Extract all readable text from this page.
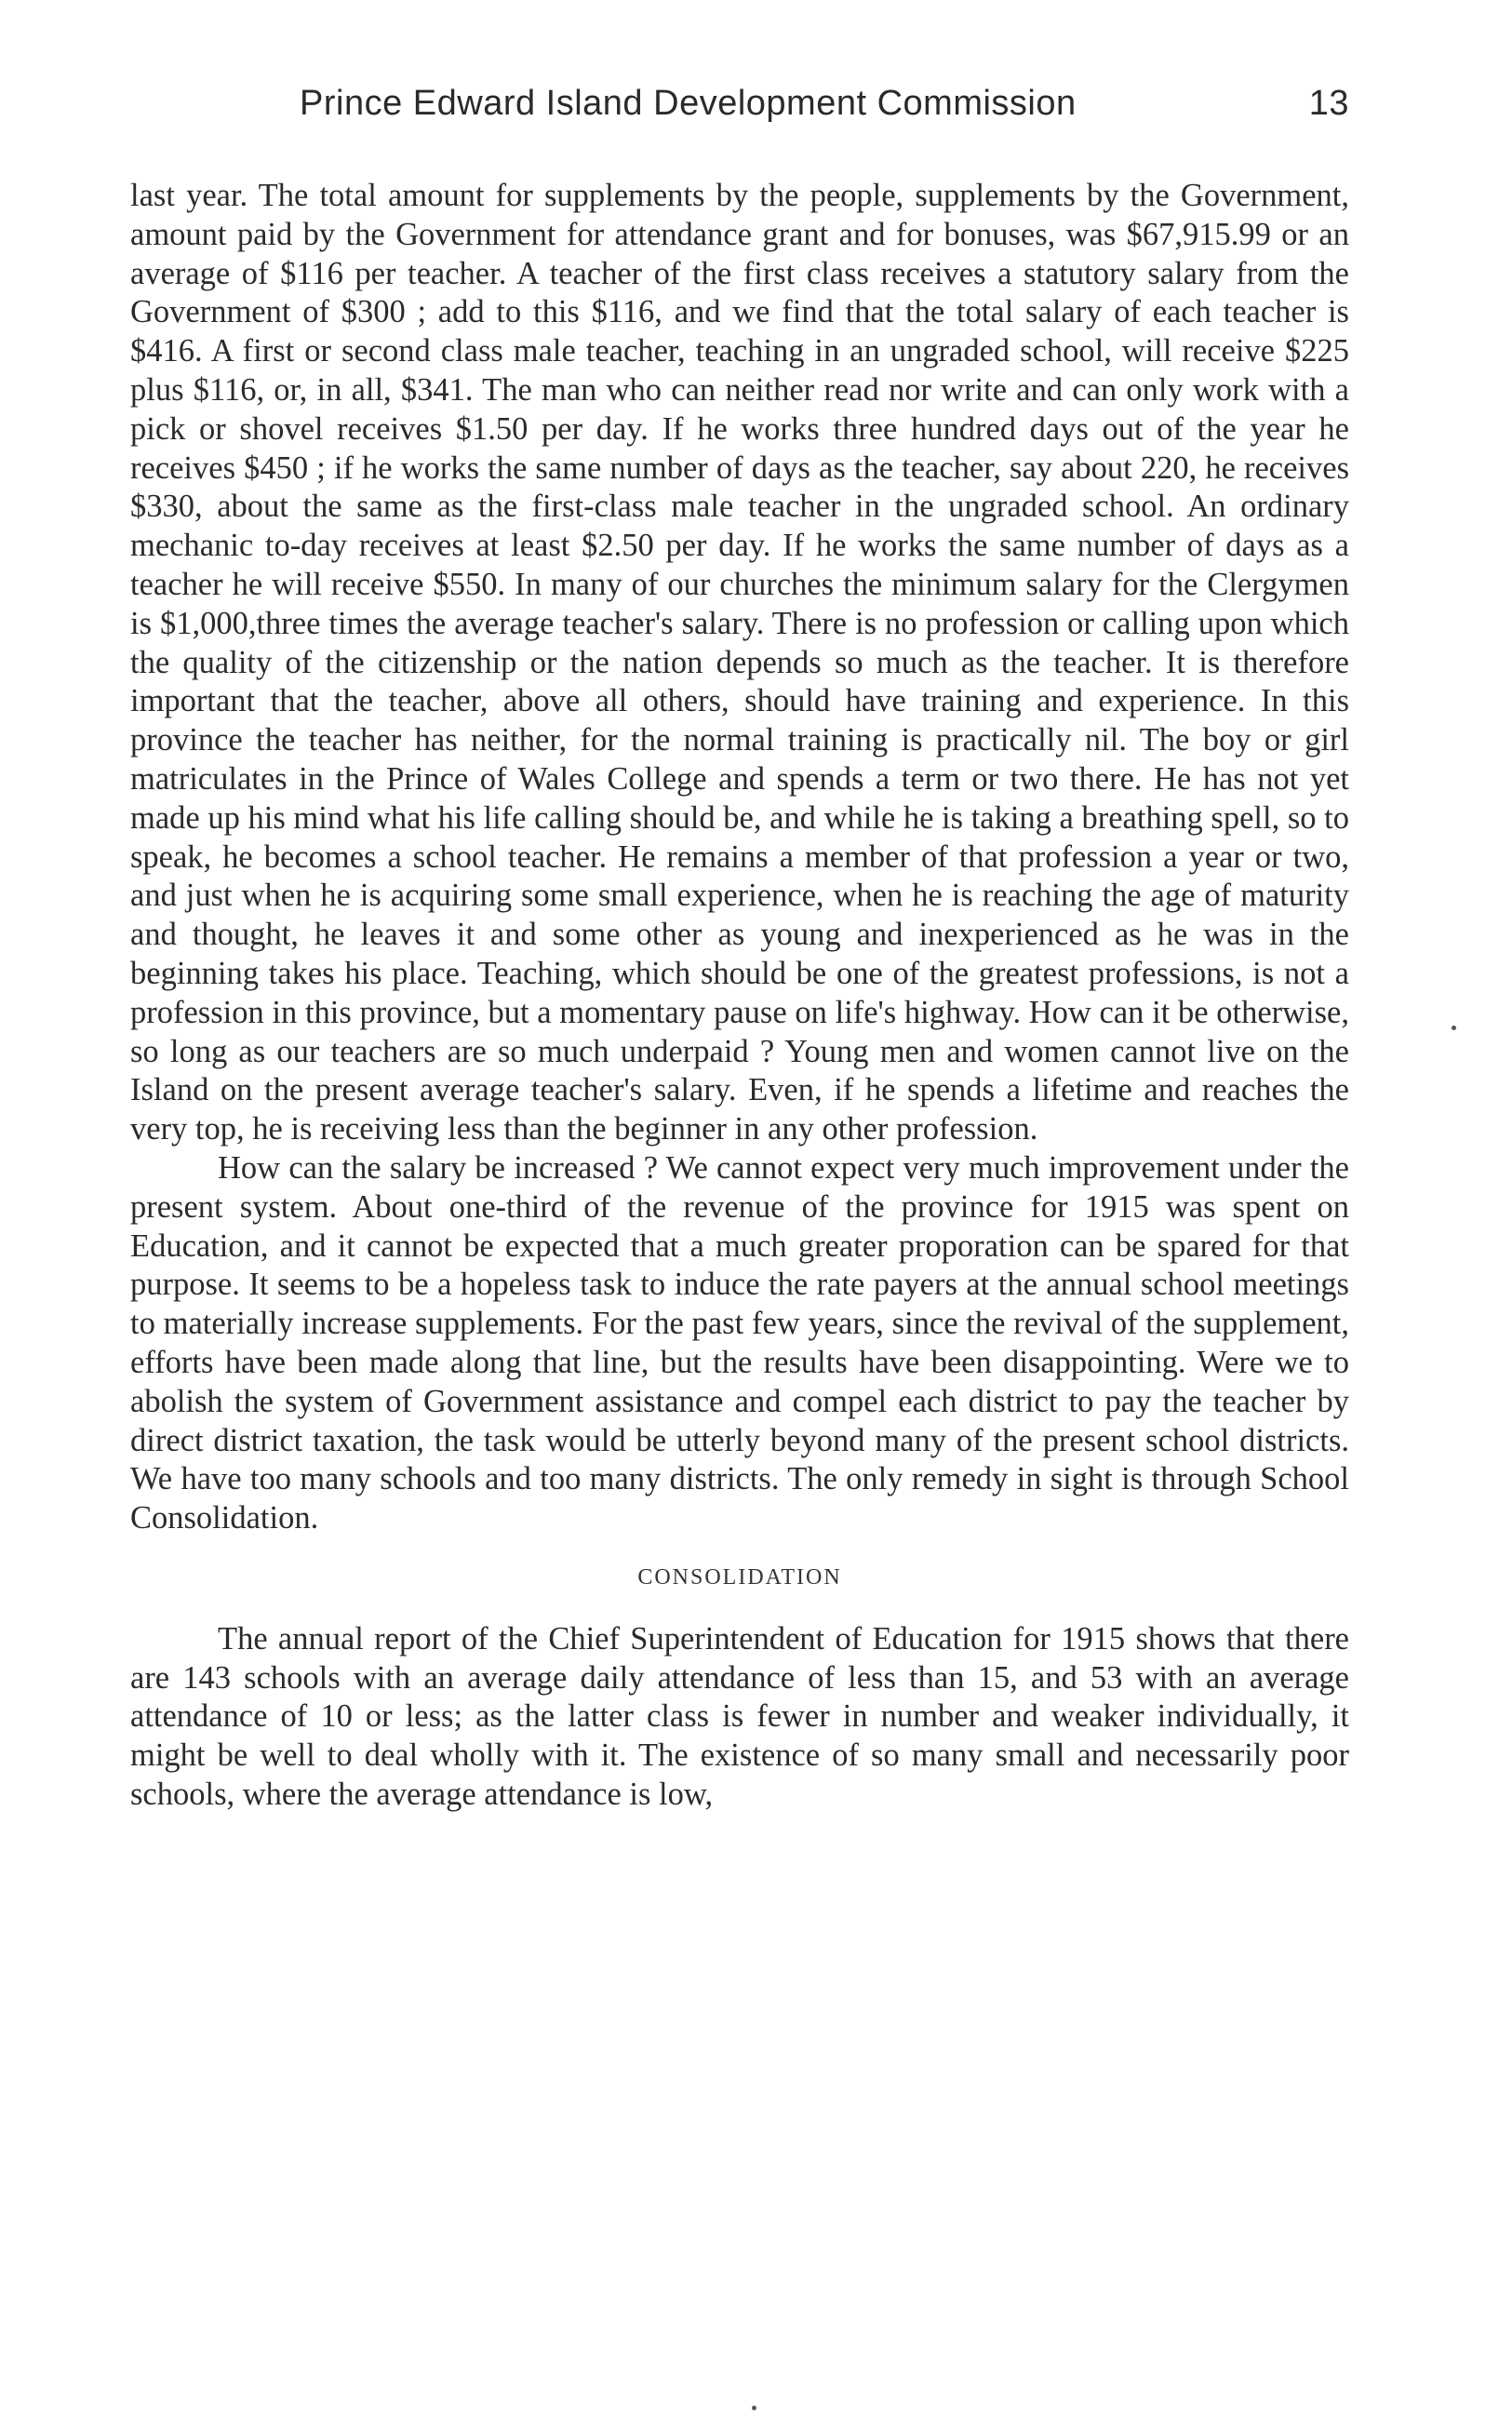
Prince Edward Island Development Commission	13

last year. The total amount for supplements by the people, supplements by the Government, amount paid by the Government for attendance grant and for bonuses, was $67,915.99 or an average of $116 per teacher. A teacher of the first class receives a statutory salary from the Government of $300 ; add to this $116, and we find that the total salary of each teacher is $416. A first or second class male teacher, teaching in an ungraded school, will receive $225 plus $116, or, in all, $341. The man who can neither read nor write and can only work with a pick or shovel receives $1.50 per day. If he works three hundred days out of the year he receives $450 ; if he works the same number of days as the teacher, say about 220, he receives $330, about the same as the first-class male teacher in the ungraded school. An ordinary mechanic to-day receives at least $2.50 per day. If he works the same number of days as a teacher he will receive $550. In many of our churches the minimum salary for the Clergymen is $1,000,three times the average teacher's salary. There is no profession or calling upon which the quality of the citizenship or the nation depends so much as the teacher. It is therefore important that the teacher, above all others, should have training and experience. In this province the teacher has neither, for the normal training is practically nil. The boy or girl matriculates in the Prince of Wales College and spends a term or two there. He has not yet made up his mind what his life calling should be, and while he is taking a breathing spell, so to speak, he becomes a school teacher. He remains a member of that profession a year or two, and just when he is acquiring some small experience, when he is reaching the age of maturity and thought, he leaves it and some other as young and inexperienced as he was in the beginning takes his place. Teaching, which should be one of the greatest professions, is not a profession in this province, but a momentary pause on life's highway. How can it be otherwise, so long as our teachers are so much underpaid ? Young men and women cannot live on the Island on the present average teacher's salary. Even, if he spends a lifetime and reaches the very top, he is receiving less than the beginner in any other profession.

How can the salary be increased ? We cannot expect very much improvement under the present system. About one-third of the revenue of the province for 1915 was spent on Education, and it cannot be expected that a much greater proporation can be spared for that purpose. It seems to be a hopeless task to induce the rate payers at the annual school meetings to materially increase supplements. For the past few years, since the revival of the supplement, efforts have been made along that line, but the results have been disappointing. Were we to abolish the system of Government assistance and compel each district to pay the teacher by direct district taxation, the task would be utterly beyond many of the present school districts. We have too many schools and too many districts. The only remedy in sight is through School Consolidation.

CONSOLIDATION

The annual report of the Chief Superintendent of Education for 1915 shows that there are 143 schools with an average daily attendance of less than 15, and 53 with an average attendance of 10 or less; as the latter class is fewer in number and weaker individually, it might be well to deal wholly with it. The existence of so many small and necessarily poor schools, where the average attendance is low,
